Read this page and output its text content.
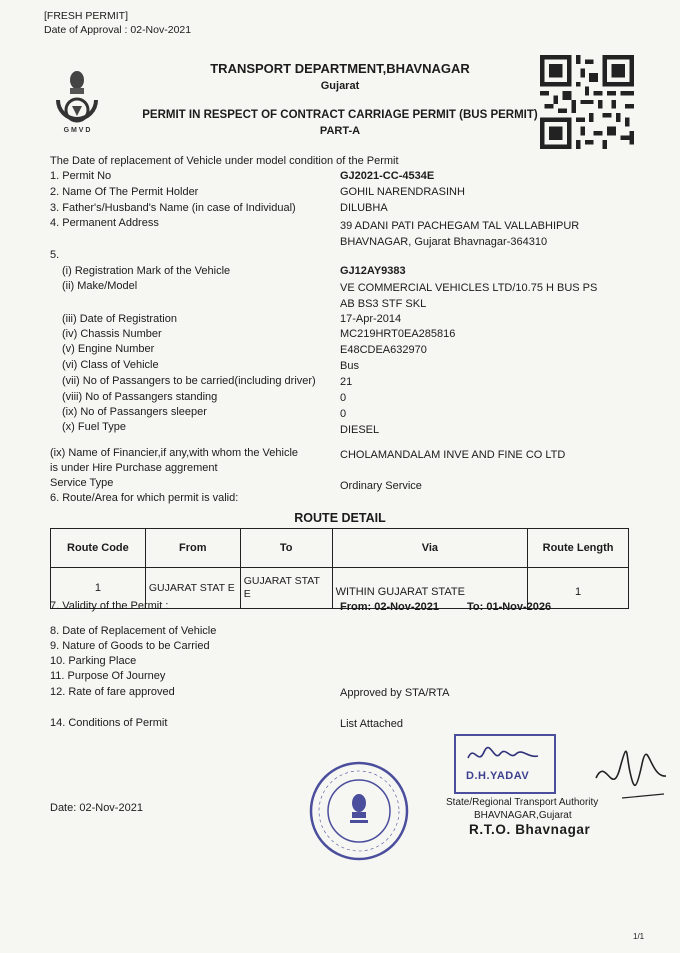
[FRESH PERMIT]
Date of Approval : 02-Nov-2021
G M V D
TRANSPORT DEPARTMENT,BHAVNAGAR
Gujarat
PERMIT IN RESPECT OF CONTRACT CARRIAGE PERMIT (BUS PERMIT)
PART-A
The Date of replacement of Vehicle under model condition of the Permit
1. Permit No	GJ2021-CC-4534E
2. Name Of The Permit Holder	GOHIL NARENDRASINH
3. Father's/Husband's Name (in case of Individual)	DILUBHA
4. Permanent Address	39 ADANI PATI PACHEGAM TAL VALLABHIPUR
BHAVNAGAR, Gujarat Bhavnagar-364310
5.
(i) Registration Mark of the Vehicle	GJ12AY9383
(ii) Make/Model	VE COMMERCIAL VEHICLES LTD/10.75 H BUS PS
AB BS3 STF SKL
(iii) Date of Registration	17-Apr-2014
(iv) Chassis Number	MC219HRT0EA285816
(v) Engine Number	E48CDEA632970
(vi) Class of Vehicle	Bus
(vii) No of Passangers to be carried(including driver) 21
(viii) No of Passangers standing	0
(ix) No of Passangers sleeper	0
(x) Fuel Type	DIESEL
(ix) Name of Financier,if any,with whom the Vehicle
is under Hire Purchase aggrement
CHOLAMANDALAM INVE AND FINE CO LTD
Service Type	Ordinary Service
6. Route/Area for which permit is valid:
ROUTE DETAIL
Route Code	From	To	Via	Route Length
1	GUJARAT STAT E	GUJARAT STAT E	WITHIN GUJARAT STATE	1
7. Validity of the Permit :	From: 02-Nov-2021	To: 01-Nov-2026
8. Date of Replacement of Vehicle
9. Nature of Goods to be Carried
10. Parking Place
11. Purpose Of Journey
12. Rate of fare approved	Approved by STA/RTA
14. Conditions of Permit	List Attached
Date: 02-Nov-2021
D.H.YADAV
State/Regional Transport Authority
BHAVNAGAR,Gujarat
R.T.O. Bhavnagar
1/1
